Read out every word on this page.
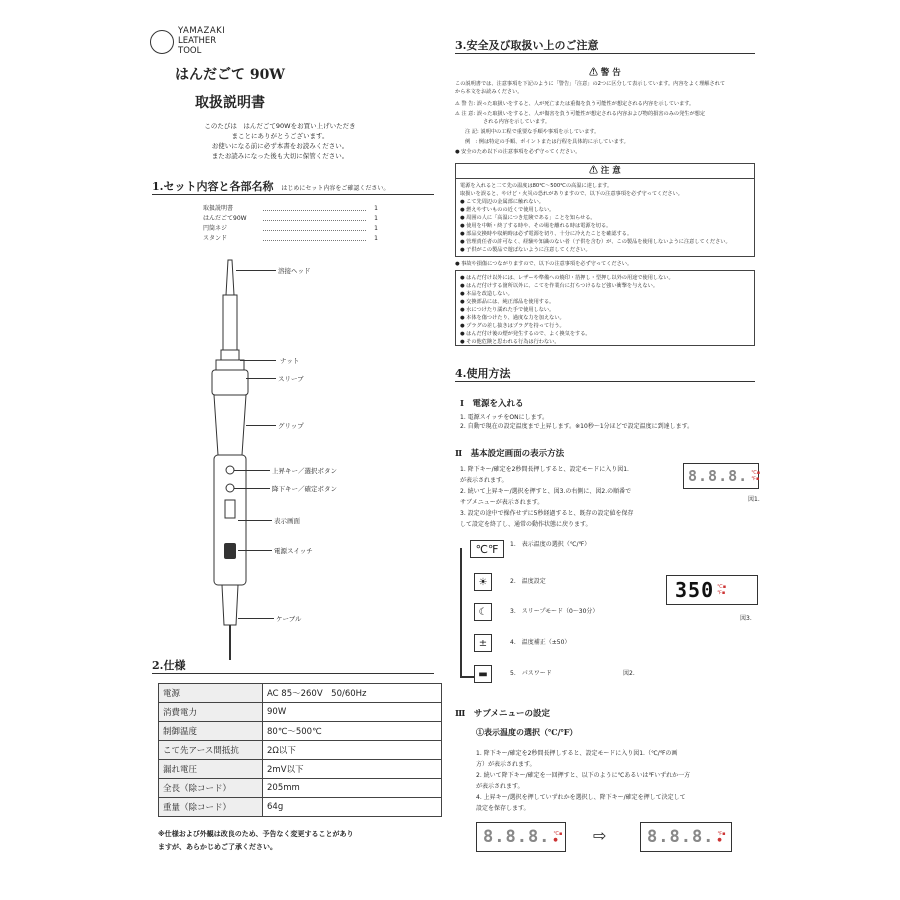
YAMAZAKI
LEATHER
TOOL
はんだごて 90W
取扱説明書
このたびは　はんだごて90Wをお買い上げいただき
まことにありがとうございます。
お使いになる前に必ず本書をお読みください。
またお読みになった後も大切に保管ください。
1.セット内容と各部名称 はじめにセット内容をご確認ください。
取扱説明書	1
はんだごて90W	1
円筒ネジ	1
スタンド	1
溶接ヘッド
ナット
スリーブ
グリップ
上昇キー／選択ボタン
降下キー／確定ボタン
表示画面
電源スイッチ
ケーブル
2.仕様
電源	AC 85～260V　50/60Hz
消費電力	90W
制御温度	80℃～500℃
こて先アース間抵抗	2Ω以下
漏れ電圧	2mV以下
全長（除コード）	205mm
重量（除コード）	64g
※仕様および外観は改良のため、予告なく変更することがあり
ますが、あらかじめご了承ください。
3.安全及び取扱い上のご注意
⚠ 警 告
この説明書では、注意事項を下記のように「警告」「注意」の2つに区分して表示しています。内容をよく理解されて
から本文をお読みください。
⚠ 警 告: 誤った取扱いをすると、人が死亡または重傷を負う可能性が想定される内容を示しています。
⚠ 注 意: 誤った取扱いをすると、人が傷害を負う可能性が想定される内容および物的損害のみの発生が想定
される内容を示しています。
注 記: 説明中の工程で重要な手順や事項を示しています。
例　: 例は特定の手順、ポイントまたは行程を具体的に示しています。
● 安全のため以下の注意事項を必ず守ってください。
⚠ 注 意
電源を入れると二て先の温度は80℃～500℃の高温に達します。
取扱いを誤ると、やけど・火災の恐れがありますので、以下の注意事項を必ず守ってください。
● こて先周辺の金属部に触れない。
● 燃えやすいものの近くで使用しない。
● 周囲の人に「高温につき危険である」ことを知らせる。
● 使用を中断・終了する時や、その場を離れる時は電源を切る。
● 部品交換時や収納時は必ず電源を切り、十分に冷えたことを確認する。
● 管理責任者の許可なく、経験や知識のない者（子供を含む）が、この製品を使用しないように注意してください。
● 子供がこの製品で遊ばないように注意してください。
● 事故や損傷につながりますので、以下の注意事項を必ず守ってください。
● はんだ付け以外には、レザーや準備への燒印・箔押し・型押し以外の用途で使用しない。
● はんだ付けする箇所以外に、こてを作業台に打ちつけるなど強い衝撃を与えない。
● 本品を改造しない。
● 交換部品には、純正部品を使用する。
● 水につけたり濡れた手で使用しない。
● 本体を傷つけたり、過度な力を加えない。
● プラグの差し抜きはプラグを持って行う。
● はんだ付け後の煙が発生するので、よく換気をする。
● その他危険と思われる行為は行わない。
4.使用方法
Ⅰ　電源を入れる
1. 電源スイッチをONにします。
2. 自動で現在の設定温度まで上昇します。※10秒～1分ほどで設定温度に到達します。
Ⅱ　基本設定画面の表示方法
1. 降下キー/確定を2秒間長押しすると、設定モードに入り図1.
が表示されます。
2. 続いて上昇キー/選択を押すと、図3.の右側に、図2.の順番で
サブメニューが表示されます。
3. 設定の途中で操作せずに5秒経過すると、既存の設定値を保存
して設定を終了し、通常の動作状態に戻ります。
8.8.8. ℃▪
℉▪
図1.
℃℉	1.　 表示温度の選択（℃/℉）
☀	2.　 温度設定
☾	3.　 スリープモード（0～30分）
±	4.　 温度補正（±50）
▬	5.　 パスワード	図2.
350 ℃▪
℉▪
図3.
Ⅲ　サブメニューの設定
①表示温度の選択（℃/℉）
1. 降下キー/確定を2秒間長押しすると、設定モードに入り図1.（℃/℉の画
方）が表示されます。
2. 続いて降下キー/確定を一回押すと、以下のように℃あるいは℉いずれか一方
が表示されます。
4. 上昇キー/選択を押していずれかを選択し、降下キー/確定を押して決定して
設定を保存します。
8.8.8. ℃▪
● ⇨ 8.8.8. ℉▪
●
